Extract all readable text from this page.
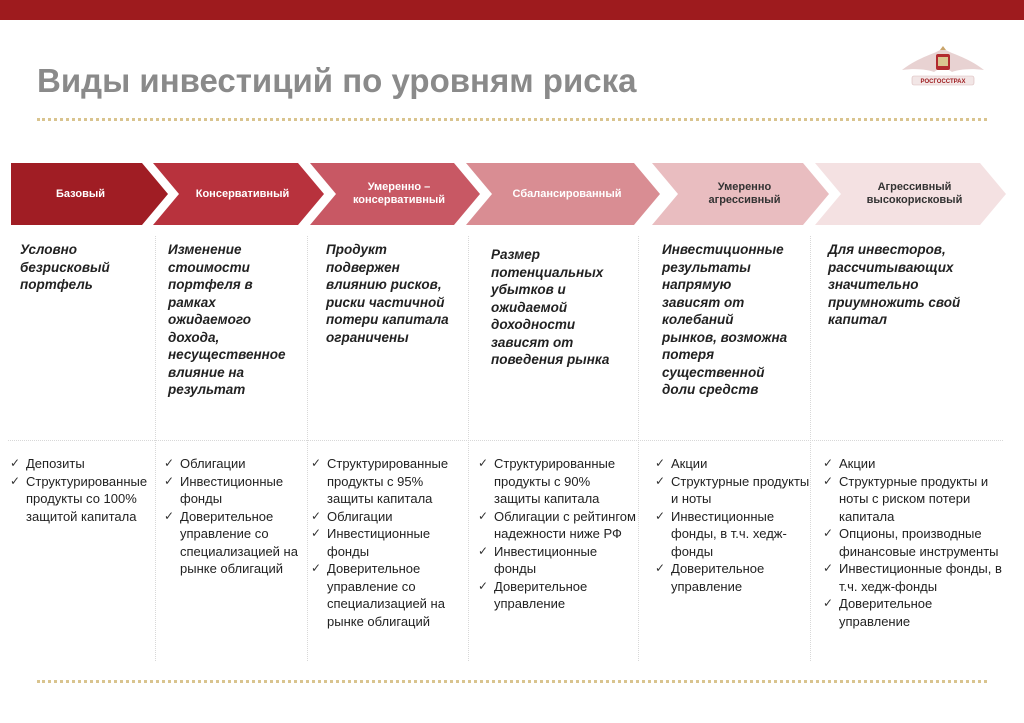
Виды инвестиций по уровням риска	РОСГОССТРАХ
Базовый	Консервативный
Умеренно – консервативный
Сбалансированный
Умеренно агрессивный
Агрессивный высокорисковый
Условно безрисковый портфель
Изменение стоимости портфеля в рамках ожидаемого дохода, несущественное влияние на результат
Продукт подвержен влиянию рисков, риски частичной потери капитала ограничены
Размер потенциальных убытков и ожидаемой доходности зависят от поведения рынка
Инвестиционные результаты напрямую зависят от колебаний рынков, возможна потеря существенной доли средств
Для инвесторов, рассчитывающих значительно приумножить свой капитал
✓ Депозиты
✓ Структурированные продукты со 100% защитой капитала
✓ Облигации
✓ Инвестиционные фонды
✓ Доверительное управление со специализацией на рынке облигаций
✓ Структурированные продукты с 95% защиты капитала
✓ Облигации
✓ Инвестиционные фонды
✓ Доверительное управление со специализацией на рынке облигаций
✓ Структурированные продукты с 90% защиты капитала
✓ Облигации с рейтингом надежности ниже РФ
✓ Инвестиционные фонды
✓ Доверительное управление
✓ Акции
✓ Структурные продукты и ноты
✓ Инвестиционные фонды, в т.ч. хедж-фонды
✓ Доверительное управление
✓ Акции
✓ Структурные продукты и ноты с риском потери капитала
✓ Опционы, производные финансовые инструменты
✓ Инвестиционные фонды, в т.ч. хедж-фонды
✓ Доверительное управление
